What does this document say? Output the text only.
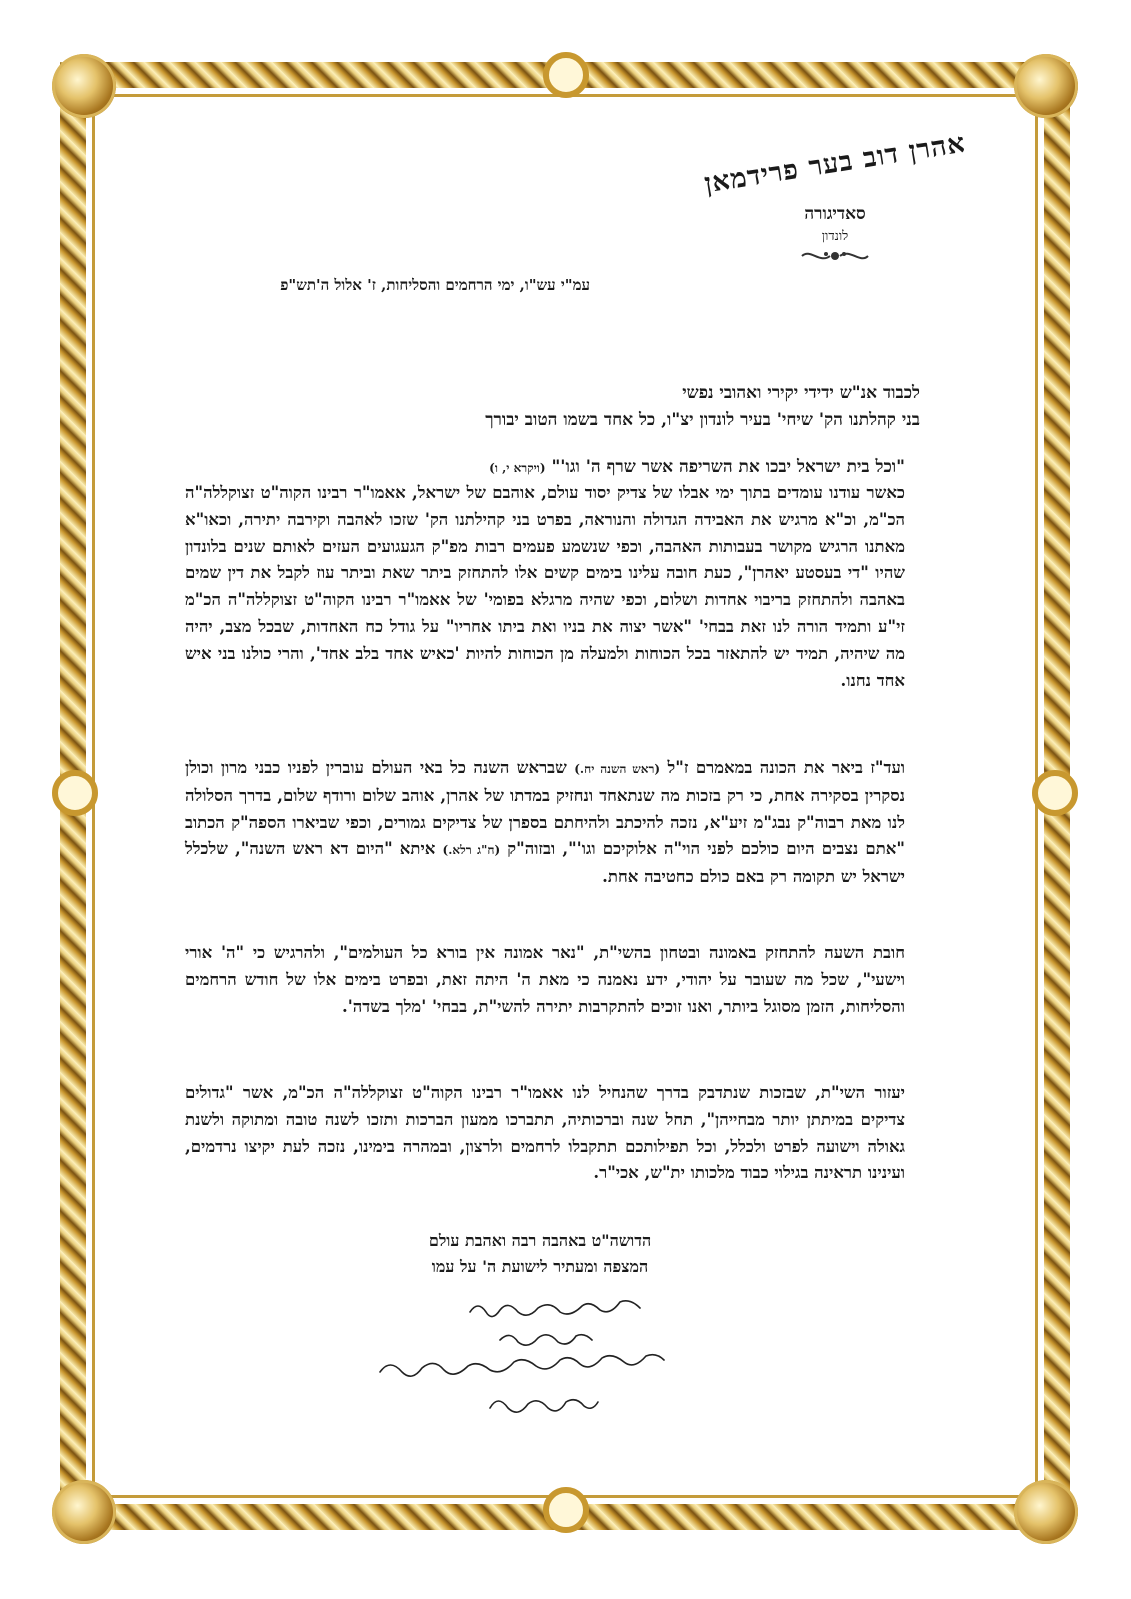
אהרן דוב בער פרידמאן
סאדיגורה
לונדון
עמ"י עש"ו, ימי הרחמים והסליחות, ז' אלול ה'תש"פ
לכבוד אנ"ש ידידי יקירי ואהובי נפשי
בני קהלתנו הק' שיחי' בעיר לונדון יצ"ו, כל אחד בשמו הטוב יבורך

"וכל בית ישראל יבכו את השריפה אשר שרף ה' וגו'" (ויקרא י, ו)

כאשר עודנו עומדים בתוך ימי אבלו של צדיק יסוד עולם, אוהבם של ישראל, אאמו"ר רבינו הקוה"ט זצוקללה"ה הכ"מ, וכ"א מרגיש את האבידה הגדולה והנוראה, בפרט בני קהילתנו הק' שזכו לאהבה וקירבה יתירה, וכאו"א מאתנו הרגיש מקושר בעבותות האהבה, וכפי שנשמע פעמים רבות מפ"ק הגעגועים העזים לאותם שנים בלונדון שהיו "די בעסטע יאהרן", כעת חובה עלינו בימים קשים אלו להתחזק ביתר שאת וביתר עוז לקבל את דין שמים באהבה ולהתחזק בריבוי אחדות ושלום, וכפי שהיה מרגלא בפומי' של אאמו"ר רבינו הקוה"ט זצוקללה"ה הכ"מ זי"ע ותמיד הורה לנו זאת בבחי' "אשר יצוה את בניו ואת ביתו אחריו" על גודל כח האחדות, שבכל מצב, יהיה מה שיהיה, תמיד יש להתאזר בכל הכוחות ולמעלה מן הכוחות להיות 'כאיש אחד בלב אחד', והרי כולנו בני איש אחד נחנו.

ועד"ז ביאר את הכונה במאמרם ז"ל (ראש השנה יח.) שבראש השנה כל באי העולם עוברין לפניו כבני מרון וכולן נסקרין בסקירה אחת, כי רק בזכות מה שנתאחד ונחזיק במדתו של אהרן, אוהב שלום ורודף שלום, בדרך הסלולה לנו מאת רבוה"ק נבג"מ זיע"א, נזכה להיכתב ולהיחתם בספרן של צדיקים גמורים, וכפי שביארו הספה"ק הכתוב "אתם נצבים היום כולכם לפני הוי"ה אלוקיכם וגו'", ובזוה"ק (ח"ג רלא.) איתא "היום דא ראש השנה", שלכלל ישראל יש תקומה רק באם כולם כחטיבה אחת.

חובת השעה להתחזק באמונה ובטחון בהשי"ת, "נאר אמונה אין בורא כל העולמים", ולהרגיש כי "ה' אורי וישעי", שכל מה שעובר על יהודי, ידע נאמנה כי מאת ה' היתה זאת, ובפרט בימים אלו של חודש הרחמים והסליחות, הזמן מסוגל ביותר, ואנו זוכים להתקרבות יתירה להשי"ת, בבחי' 'מלך בשדה'.

יעזור השי"ת, שבזכות שנתדבק בדרך שהנחיל לנו אאמו"ר רבינו הקוה"ט זצוקללה"ה הכ"מ, אשר "גדולים צדיקים במיתתן יותר מבחייהן", תחל שנה וברכותיה, תתברכו ממעון הברכות ותזכו לשנה טובה ומתוקה ולשנת גאולה וישועה לפרט ולכלל, וכל תפילותכם תתקבלו לרחמים ולרצון, ובמהרה בימינו, נזכה לעת יקיצו נרדמים, ועינינו תראינה בגילוי כבוד מלכותו ית"ש, אכי"ר.

הדושה"ט באהבה רבה ואהבת עולם
המצפה ומעתיר לישועת ה' על עמו
